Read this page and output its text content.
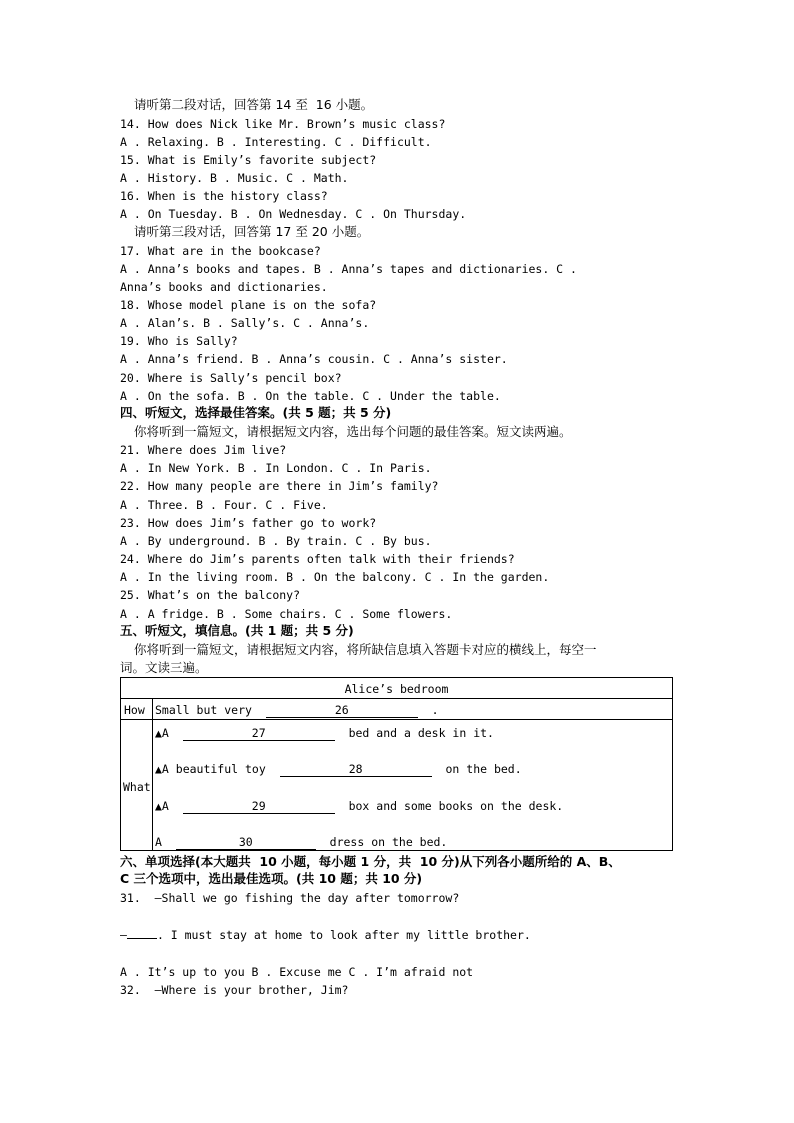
请听第二段对话，回答第 14 至  16 小题。
14. How does Nick like Mr. Brown’s music class?
A . Relaxing. B . Interesting. C . Difficult.
15. What is Emily’s favorite subject?
A . History. B . Music. C . Math.
16. When is the history class?
A . On Tuesday. B . On Wednesday. C . On Thursday.
请听第三段对话，回答第 17 至 20 小题。
17. What are in the bookcase?
A . Anna’s books and tapes. B . Anna’s tapes and dictionaries. C .
Anna’s books and dictionaries.
18. Whose model plane is on the sofa?
A . Alan’s. B . Sally’s. C . Anna’s.
19. Who is Sally?
A . Anna’s friend. B . Anna’s cousin. C . Anna’s sister.
20. Where is Sally’s pencil box?
A . On the sofa. B . On the table. C . Under the table.
四、听短文，选择最佳答案。(共 5 题；共 5 分)
你将听到一篇短文，请根据短文内容，选出每个问题的最佳答案。短文读两遍。
21. Where does Jim live?
A . In New York. B . In London. C . In Paris.
22. How many people are there in Jim’s family?
A . Three. B . Four. C . Five.
23. How does Jim’s father go to work?
A . By underground. B . By train. C . By bus.
24. Where do Jim’s parents often talk with their friends?
A . In the living room. B . On the balcony. C . In the garden.
25. What’s on the balcony?
A . A fridge. B . Some chairs. C . Some flowers.
五、听短文，填信息。(共 1 题；共 5 分)
你将听到一篇短文，请根据短文内容，将所缺信息填入答题卡对应的横线上，每空一
词。文读三遍。
Alice’s bedroom
How Small but very	26	.
What
▲A	27	bed and a desk in it.
▲A beautiful toy	28	on the bed.
▲A	29	box and some books on the desk.
A	30	dress on the bed.
六、单项选择(本大题共  10 小题，每小题 1 分，共  10 分)从下列各小题所给的 A、B、
C 三个选项中，选出最佳选项。(共 10 题；共 10 分)
31.  —Shall we go fishing the day after tomorrow?
—	. I must stay at home to look after my little brother.
A . It’s up to you B . Excuse me C . I’m afraid not
32.  —Where is your brother, Jim?
